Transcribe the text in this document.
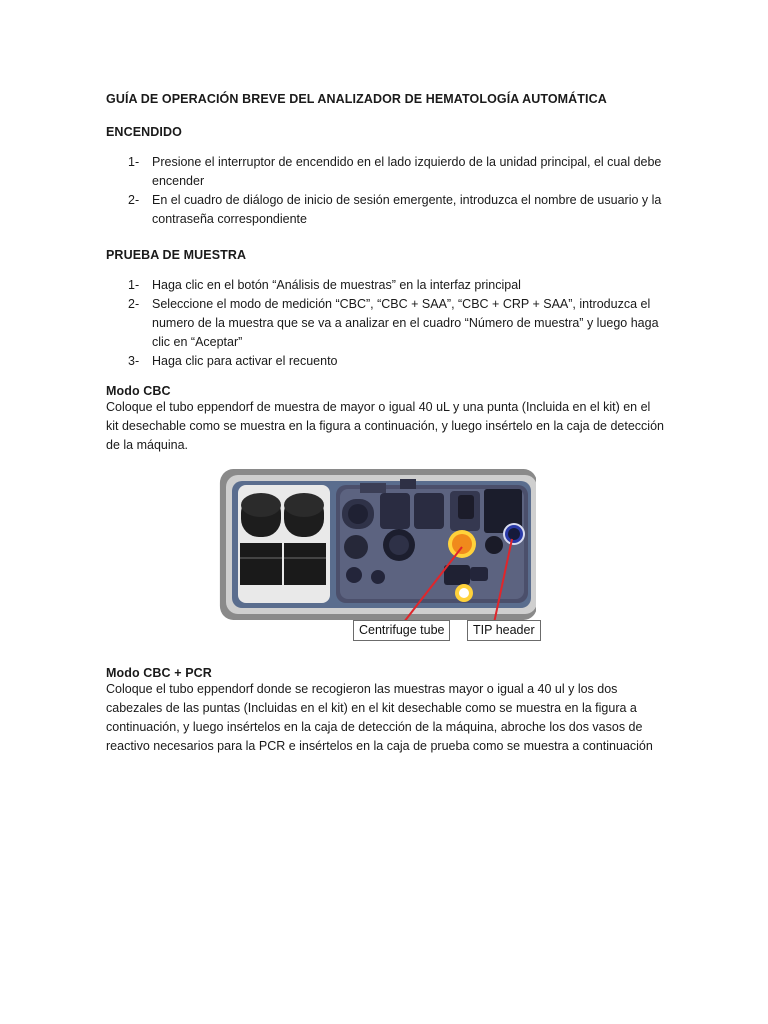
GUÍA DE OPERACIÓN BREVE DEL ANALIZADOR DE HEMATOLOGÍA AUTOMÁTICA
ENCENDIDO
1- Presione el interruptor de encendido en el lado izquierdo de la unidad principal, el cual debe encender
2- En el cuadro de diálogo de inicio de sesión emergente, introduzca el nombre de usuario y la contraseña correspondiente
PRUEBA DE MUESTRA
1- Haga clic en el botón “Análisis de muestras” en la interfaz principal
2- Seleccione el modo de medición “CBC”, “CBC + SAA”, “CBC + CRP + SAA”, introduzca el numero de la muestra que se va a analizar en el cuadro “Número de muestra” y luego haga clic en “Aceptar”
3- Haga clic para activar el recuento
Modo CBC

Coloque el tubo eppendorf de muestra de mayor o igual 40 uL y una punta (Incluida en el kit) en el kit desechable como se muestra en la figura a continuación, y luego insértelo en la caja de detección de la máquina.

Centrifuge tube	TIP header
Modo CBC + PCR

Coloque el tubo eppendorf donde se recogieron las muestras mayor o igual a 40 ul y los dos cabezales de las puntas (Incluidas en el kit) en el kit desechable como se muestra en la figura a continuación, y luego insértelos en la caja de detección de la máquina, abroche los dos vasos de reactivo necesarios para la PCR e insértelos en la caja de prueba como se muestra a continuación
